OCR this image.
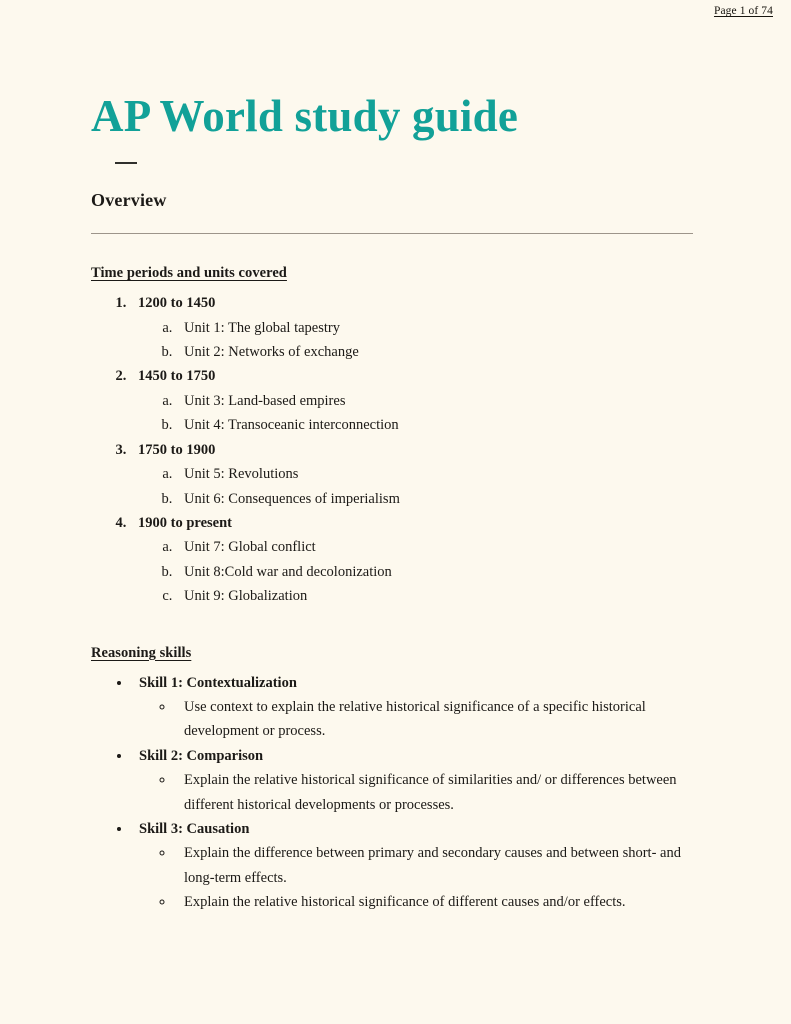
Page 1 of 74
AP World study guide
Overview
Time periods and units covered
1. 1200 to 1450
a. Unit 1: The global tapestry
b. Unit 2: Networks of exchange
2. 1450 to 1750
a. Unit 3: Land-based empires
b. Unit 4: Transoceanic interconnection
3. 1750 to 1900
a. Unit 5: Revolutions
b. Unit 6: Consequences of imperialism
4. 1900 to present
a. Unit 7: Global conflict
b. Unit 8:Cold war and decolonization
c. Unit 9: Globalization
Reasoning skills
• Skill 1: Contextualization
◦ Use context to explain the relative historical significance of a specific historical development or process.
• Skill 2: Comparison
◦ Explain the relative historical significance of similarities and/ or differences between different historical developments or processes.
• Skill 3: Causation
◦ Explain the difference between primary and secondary causes and between short- and long-term effects.
◦ Explain the relative historical significance of different causes and/or effects.
